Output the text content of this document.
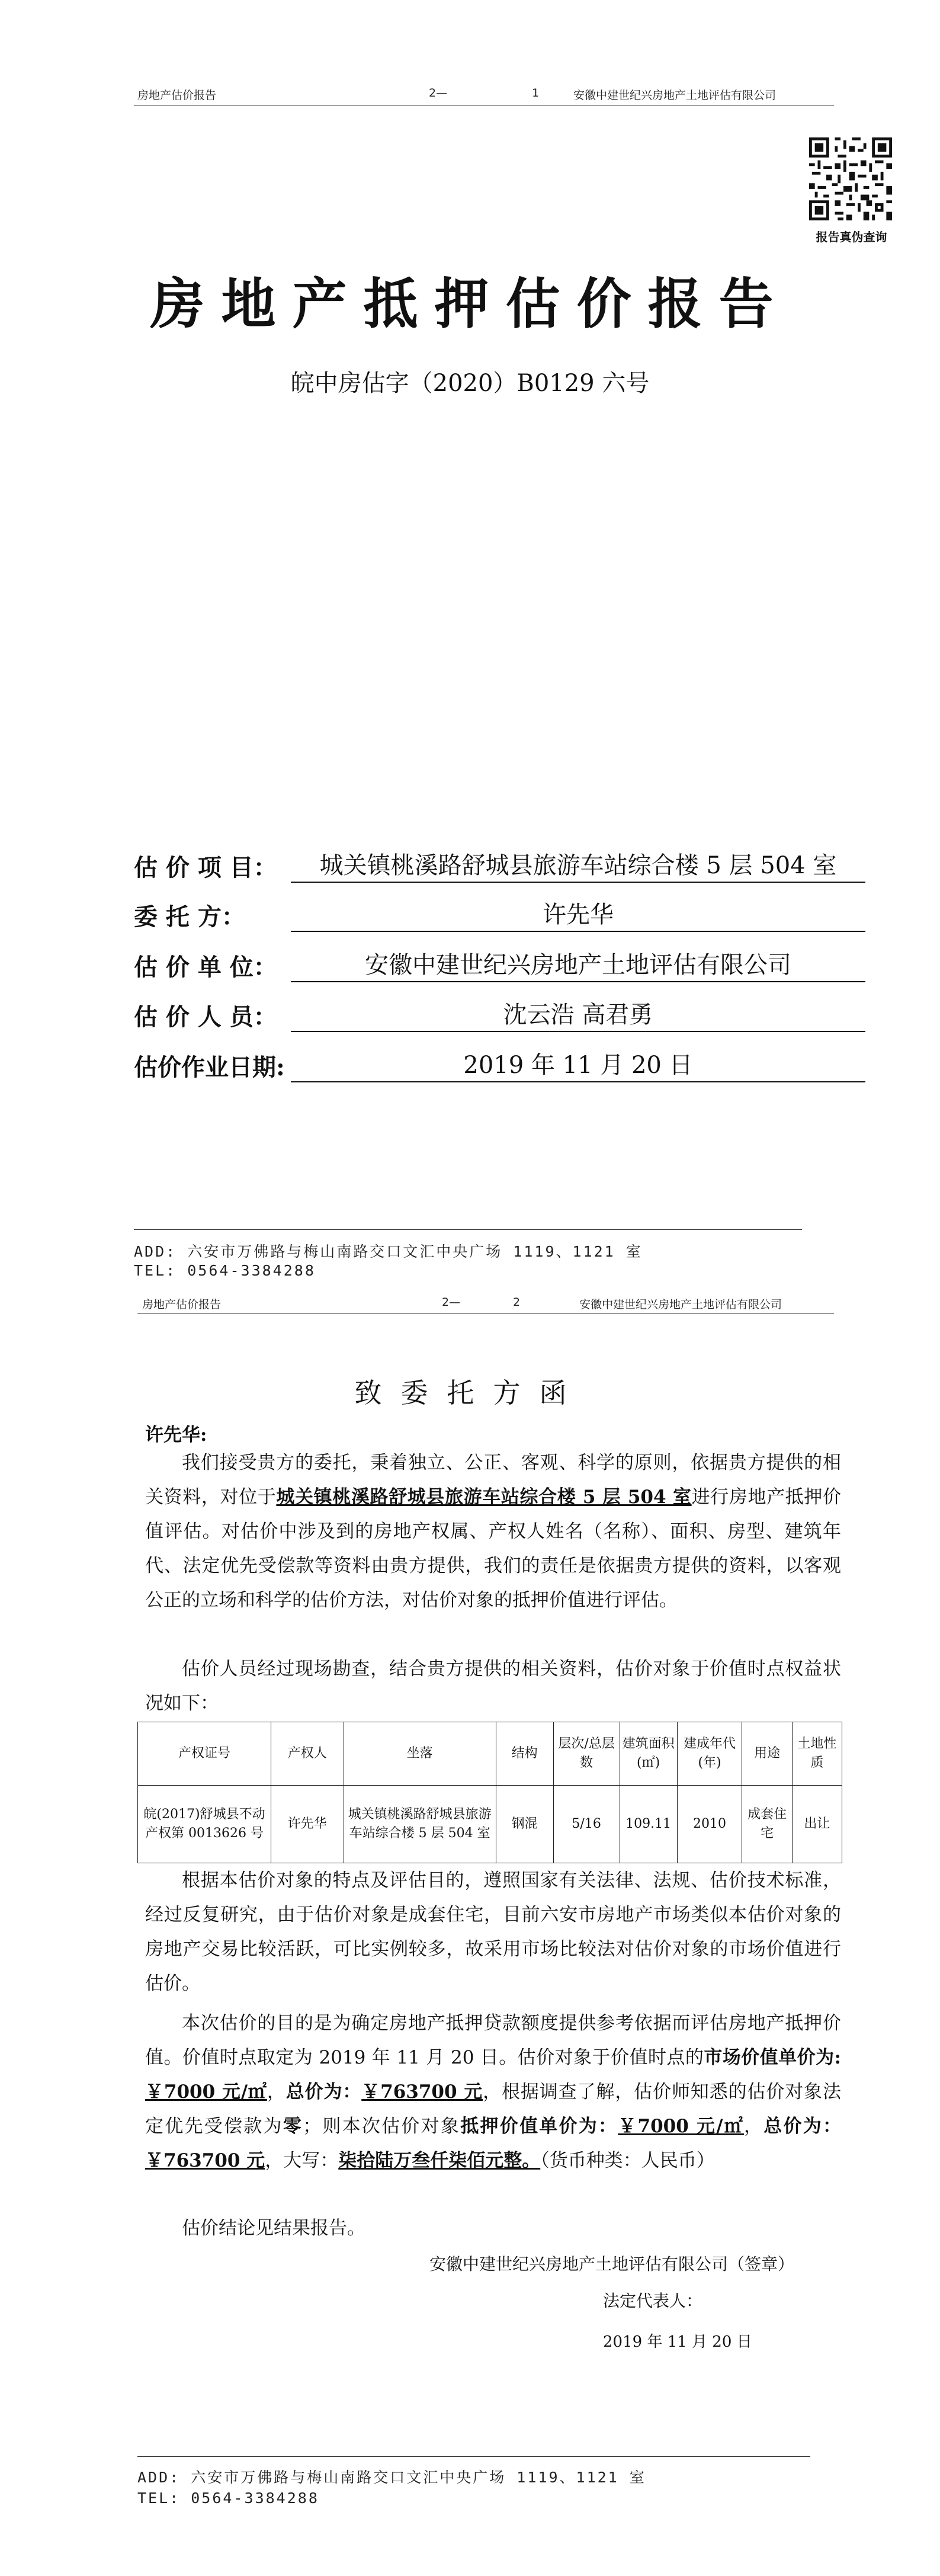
房地产估价报告	2—	1	安徽中建世纪兴房地产土地评估有限公司
报告真伪查询
房地产抵押估价报告
皖中房估字（2020）B0129 六号
估 价 项 目：	城关镇桃溪路舒城县旅游车站综合楼 5 层 504 室
委 托 方：	许先华
估 价 单 位：	安徽中建世纪兴房地产土地评估有限公司
估 价 人 员：	沈云浩 高君勇
估价作业日期:	2019 年 11 月 20 日
ADD: 六安市万佛路与梅山南路交口文汇中央广场 1119、1121 室
TEL: 0564-3384288
房地产估价报告	2—	2	安徽中建世纪兴房地产土地评估有限公司
致委托方函
许先华:
我们接受贵方的委托，秉着独立、公正、客观、科学的原则，依据贵方提供的相关资料，对位于城关镇桃溪路舒城县旅游车站综合楼 5 层 504 室进行房地产抵押价值评估。对估价中涉及到的房地产权属、产权人姓名（名称）、面积、房型、建筑年代、法定优先受偿款等资料由贵方提供，我们的责任是依据贵方提供的资料，以客观公正的立场和科学的估价方法，对估价对象的抵押价值进行评估。
估价人员经过现场勘查，结合贵方提供的相关资料，估价对象于价值时点权益状况如下：
产权证号	产权人	坐落	结构	层次/总层数	建筑面积(㎡)	建成年代(年)	用途	土地性质
皖(2017)舒城县不动产权第 0013626 号	许先华	城关镇桃溪路舒城县旅游车站综合楼 5 层 504 室	钢混	5/16	109.11	2010	成套住宅	出让
根据本估价对象的特点及评估目的，遵照国家有关法律、法规、估价技术标准，经过反复研究，由于估价对象是成套住宅，目前六安市房地产市场类似本估价对象的房地产交易比较活跃，可比实例较多，故采用市场比较法对估价对象的市场价值进行估价。
本次估价的目的是为确定房地产抵押贷款额度提供参考依据而评估房地产抵押价值。价值时点取定为 2019 年 11 月 20 日。估价对象于价值时点的市场价值单价为:￥7000 元/㎡，总价为：￥763700 元，根据调查了解，估价师知悉的估价对象法定优先受偿款为零；则本次估价对象抵押价值单价为：￥7000 元/㎡，总价为：￥763700 元，大写：柒拾陆万叁仟柒佰元整。（货币种类：人民币）
估价结论见结果报告。
安徽中建世纪兴房地产土地评估有限公司（签章）
法定代表人：
2019 年 11 月 20 日
ADD: 六安市万佛路与梅山南路交口文汇中央广场 1119、1121 室
TEL: 0564-3384288
